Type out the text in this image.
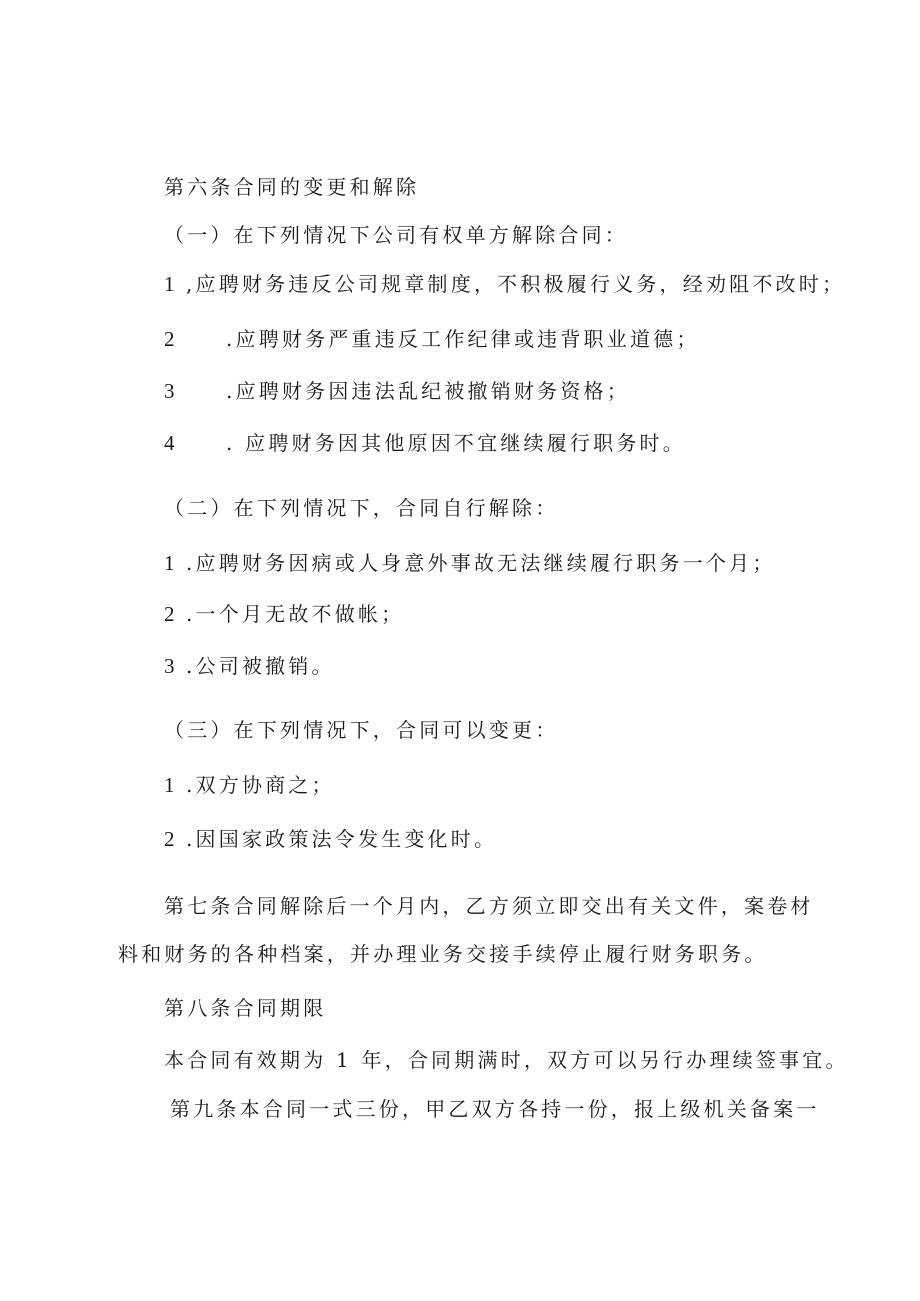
第六条合同的变更和解除
（一）在下列情况下公司有权单方解除合同：
1 ,应聘财务违反公司规章制度，不积极履行义务，经劝阻不改时；
2	.应聘财务严重违反工作纪律或违背职业道德；
3	.应聘财务因违法乱纪被撤销财务资格；
4	. 应聘财务因其他原因不宜继续履行职务时。
（二）在下列情况下，合同自行解除：
1 .应聘财务因病或人身意外事故无法继续履行职务一个月；
2 .一个月无故不做帐；
3 .公司被撤销。
（三）在下列情况下，合同可以变更：
1 .双方协商之；
2 .因国家政策法令发生变化时。
第七条合同解除后一个月内，乙方须立即交出有关文件，案卷材
料和财务的各种档案，并办理业务交接手续停止履行财务职务。
第八条合同期限
本合同有效期为 1 年，合同期满时，双方可以另行办理续签事宜。
第九条本合同一式三份，甲乙双方各持一份，报上级机关备案一
